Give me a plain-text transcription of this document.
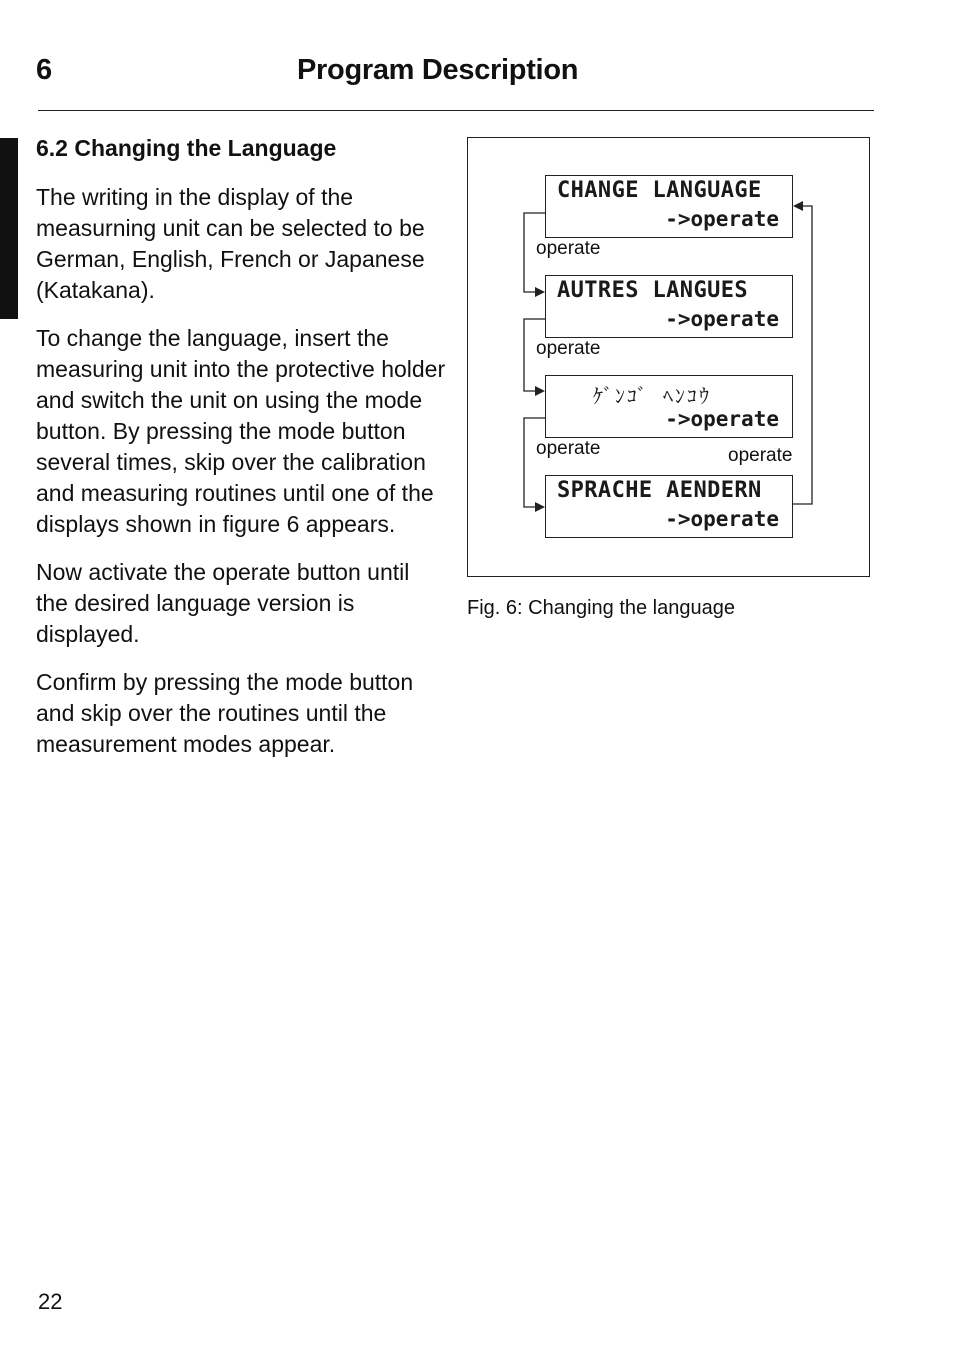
6	Program Description
6.2 Changing the Language

The writing in the display of the measurning unit can be selected to be German, English, French or Japanese (Katakana).

To change the language, insert the measuring unit into the protective holder and switch the unit on using the mode button. By pressing the mode button several times, skip over the calibration and measuring routines until one of the displays shown in figure 6 appears.

Now activate the operate button until the desired language version is displayed.

Confirm by pressing the mode button and skip over the routines until the measurement modes appear.

CHANGE LANGUAGE
->operate
AUTRES LANGUES
->operate
ｹﾞﾝｺﾞ ﾍﾝｺｳ
->operate
SPRACHE AENDERN
->operate
operate
operate
operate	operate
Fig. 6: Changing the language
22
